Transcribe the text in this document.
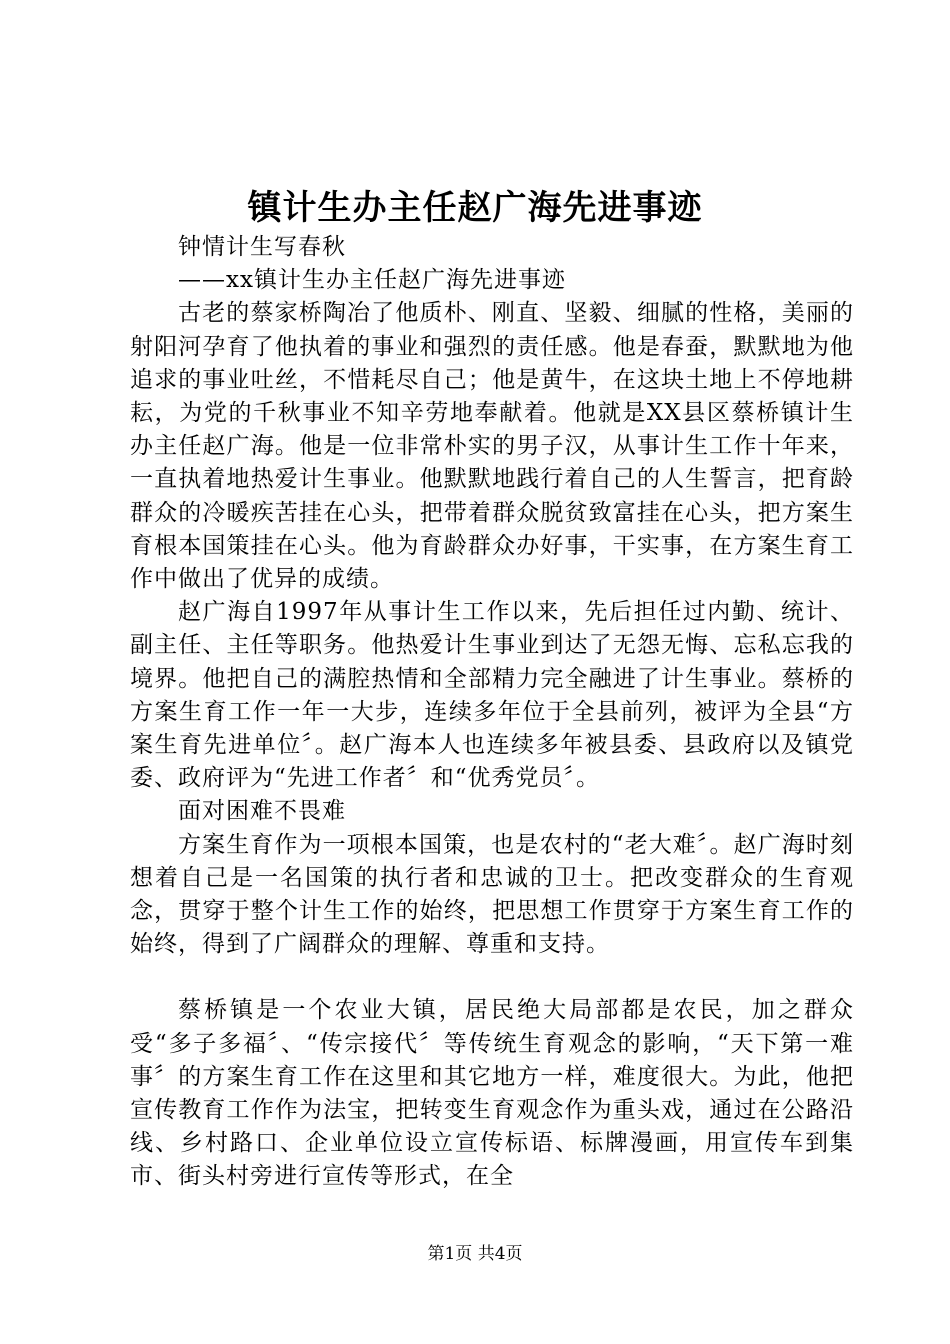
镇计生办主任赵广海先进事迹

钟情计生写春秋

——xx镇计生办主任赵广海先进事迹

古老的蔡家桥陶冶了他质朴、刚直、坚毅、细腻的性格，美丽的射阳河孕育了他执着的事业和强烈的责任感。他是春蚕，默默地为他追求的事业吐丝，不惜耗尽自己；他是黄牛，在这块土地上不停地耕耘，为党的千秋事业不知辛劳地奉献着。他就是XX县区蔡桥镇计生办主任赵广海。他是一位非常朴实的男子汉，从事计生工作十年来，一直执着地热爱计生事业。他默默地践行着自己的人生誓言，把育龄群众的冷暖疾苦挂在心头，把带着群众脱贫致富挂在心头，把方案生育根本国策挂在心头。他为育龄群众办好事，干实事，在方案生育工作中做出了优异的成绩。

赵广海自1997年从事计生工作以来，先后担任过内勤、统计、副主任、主任等职务。他热爱计生事业到达了无怨无悔、忘私忘我的境界。他把自己的满腔热情和全部精力完全融进了计生事业。蔡桥的方案生育工作一年一大步，连续多年位于全县前列，被评为全县“方案生育先进单位〞。赵广海本人也连续多年被县委、县政府以及镇党委、政府评为“先进工作者〞和“优秀党员〞。

面对困难不畏难

方案生育作为一项根本国策，也是农村的“老大难〞。赵广海时刻想着自己是一名国策的执行者和忠诚的卫士。把改变群众的生育观念，贯穿于整个计生工作的始终，把思想工作贯穿于方案生育工作的始终，得到了广阔群众的理解、尊重和支持。

蔡桥镇是一个农业大镇，居民绝大局部都是农民，加之群众受“多子多福〞、“传宗接代〞等传统生育观念的影响，“天下第一难事〞的方案生育工作在这里和其它地方一样，难度很大。为此，他把宣传教育工作作为法宝，把转变生育观念作为重头戏，通过在公路沿线、乡村路口、企业单位设立宣传标语、标牌漫画，用宣传车到集市、街头村旁进行宣传等形式，在全

第1页 共4页
